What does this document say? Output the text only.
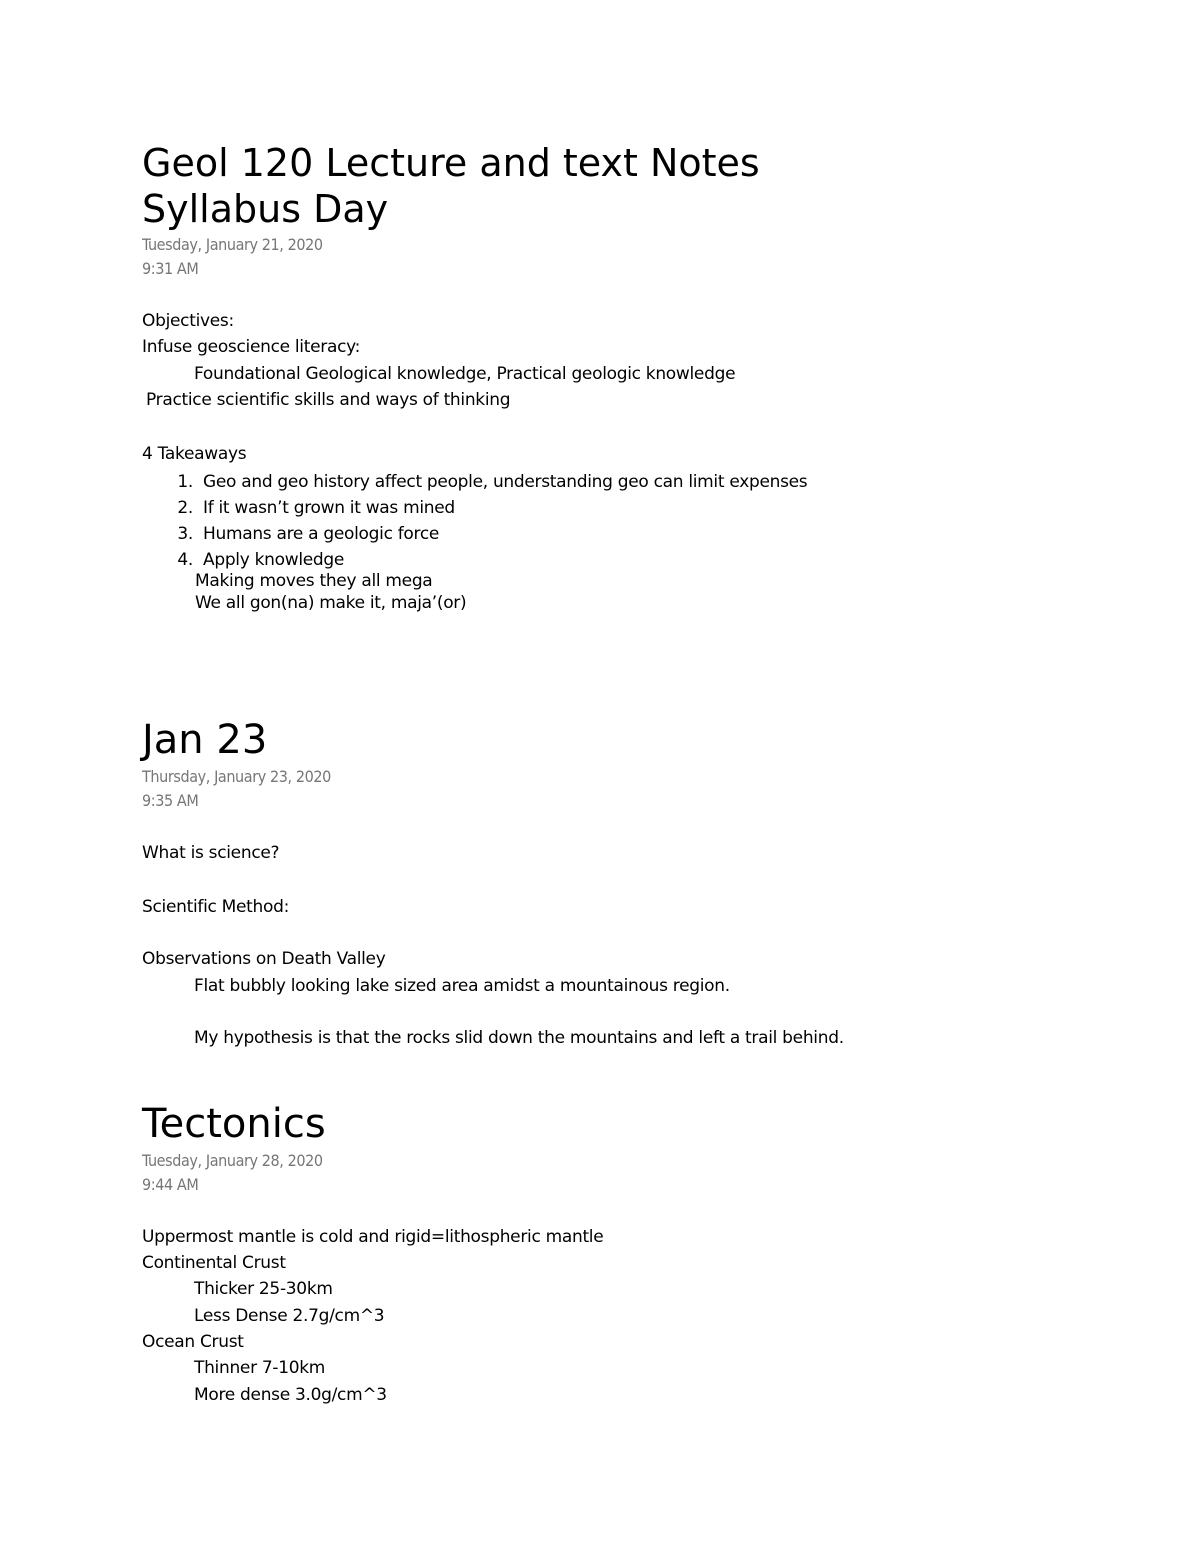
Geol 120 Lecture and text Notes
Syllabus Day
Tuesday, January 21, 2020
9:31 AM
Objectives:
Infuse geoscience literacy:
Foundational Geological knowledge, Practical geologic knowledge
Practice scientific skills and ways of thinking
4 Takeaways
1. Geo and geo history affect people, understanding geo can limit expenses
2. If it wasn’t grown it was mined
3. Humans are a geologic force
4. Apply knowledge
Making moves they all mega
We all gon(na) make it, maja’(or)
Jan 23
Thursday, January 23, 2020
9:35 AM
What is science?
Scientific Method:
Observations on Death Valley
Flat bubbly looking lake sized area amidst a mountainous region.
My hypothesis is that the rocks slid down the mountains and left a trail behind.
Tectonics
Tuesday, January 28, 2020
9:44 AM
Uppermost mantle is cold and rigid=lithospheric mantle
Continental Crust
Thicker 25-30km
Less Dense 2.7g/cm^3
Ocean Crust
Thinner 7-10km
More dense 3.0g/cm^3
